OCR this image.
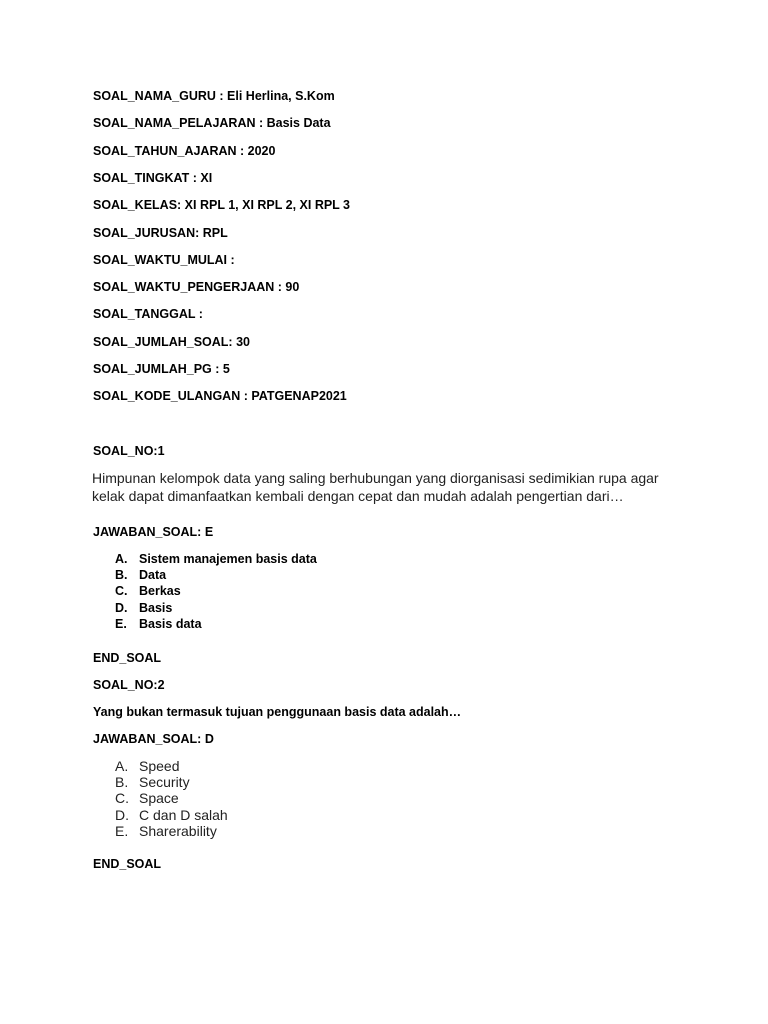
SOAL_NAMA_GURU : Eli Herlina, S.Kom
SOAL_NAMA_PELAJARAN : Basis Data
SOAL_TAHUN_AJARAN : 2020
SOAL_TINGKAT : XI
SOAL_KELAS: XI RPL 1, XI RPL 2, XI RPL 3
SOAL_JURUSAN: RPL
SOAL_WAKTU_MULAI :
SOAL_WAKTU_PENGERJAAN : 90
SOAL_TANGGAL :
SOAL_JUMLAH_SOAL: 30
SOAL_JUMLAH_PG : 5
SOAL_KODE_ULANGAN : PATGENAP2021
SOAL_NO:1
Himpunan kelompok data yang saling berhubungan yang diorganisasi sedimikian rupa agar kelak dapat dimanfaatkan kembali dengan cepat dan mudah adalah pengertian dari…
JAWABAN_SOAL: E
A. Sistem manajemen basis data
B. Data
C. Berkas
D. Basis
E. Basis data
END_SOAL
SOAL_NO:2
Yang bukan termasuk tujuan penggunaan basis data adalah…
JAWABAN_SOAL: D
A. Speed
B. Security
C. Space
D. C dan D salah
E. Sharerability
END_SOAL
